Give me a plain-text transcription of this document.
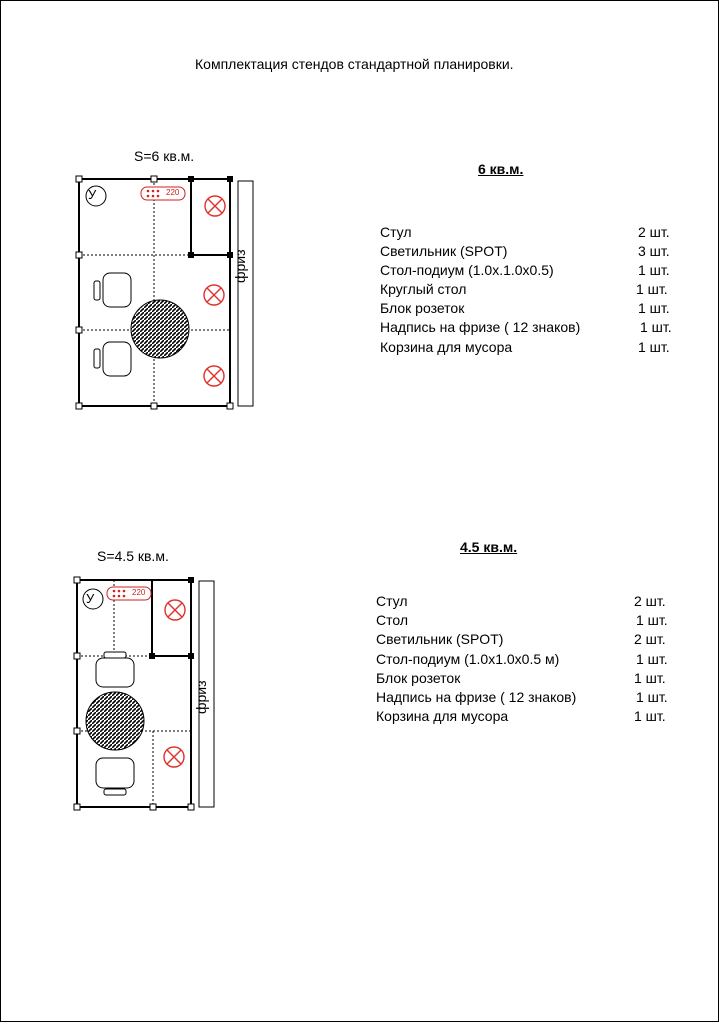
Комплектация стендов стандартной планировки.
S=6 кв.м.
У	220
фриз
6 кв.м.
Стул	2 шт.
Светильник (SPOT)	3 шт.
Стол-подиум (1.0х.1.0х0.5)	1 шт.
Круглый стол	1 шт.
Блок розеток	1 шт.
Надпись на фризе ( 12 знаков)	1 шт.
Корзина для мусора	1 шт.
S=4.5 кв.м.
У	220
фриз
4.5 кв.м.
Стул	2 шт.
Стол	1 шт.
Светильник (SPOT)	2 шт.
Стол-подиум (1.0х1.0х0.5 м)	1 шт.
Блок розеток	1 шт.
Надпись на фризе ( 12 знаков)	1 шт.
Корзина для мусора	1 шт.
